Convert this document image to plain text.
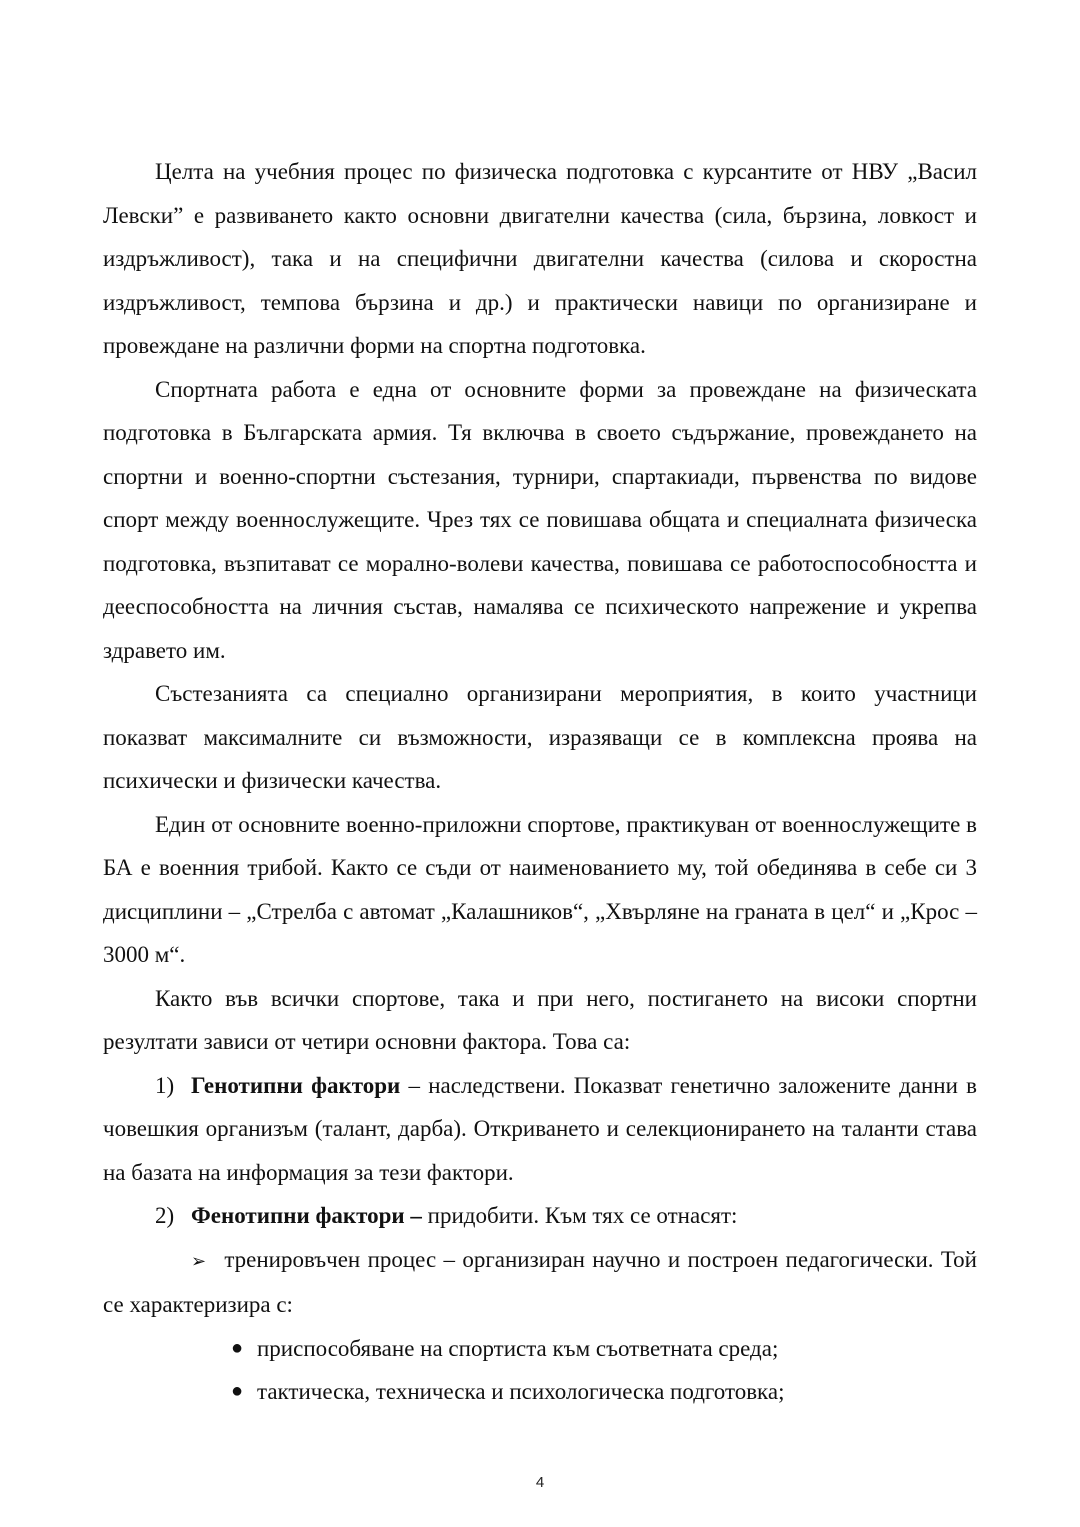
Целта на учебния процес по физическа подготовка с курсантите от НВУ „Васил Левски” е развиването както основни двигателни качества (сила, бързина, ловкост и издръжливост), така и на специфични двигателни качества (силова и скоростна издръжливост, темпова бързина и др.) и практически навици по организиране и провеждане на различни форми на спортна подготовка.

Спортната работа е една от основните форми за провеждане на физическата подготовка в Българската армия. Тя включва в своето съдържание, провеждането на спортни и военно-спортни състезания, турнири, спартакиади, първенства по видове спорт между военнослужещите. Чрез тях се повишава общата и специалната физическа подготовка, възпитават се морално-волеви качества, повишава се работоспособността и дееспособността на личния състав, намалява се психическото напрежение и укрепва здравето им.

Състезанията са специално организирани мероприятия, в които участници показват максималните си възможности, изразяващи се в комплексна проява на психически и физически качества.

Един от основните военно-приложни спортове, практикуван от военнослужещите в БА е военния трибой. Както се съди от наименованието му, той обединява в себе си 3 дисциплини – „Стрелба с автомат „Калашников“, „Хвърляне на граната в цел“ и „Крос – 3000 м“.

Както във всички спортове, така и при него, постигането на високи спортни резултати зависи от четири основни фактора. Това са:

1) Генотипни фактори – наследствени. Показват генетично заложените данни в човешкия организъм (талант, дарба). Откриването и селекционирането на таланти става на базата на информация за тези фактори.

2) Фенотипни фактори – придобити. Към тях се отнасят:

➢ тренировъчен процес – организиран научно и построен педагогически. Той се характеризира с:

● приспособяване на спортиста към съответната среда;
● тактическа, техническа и психологическа подготовка;
4
